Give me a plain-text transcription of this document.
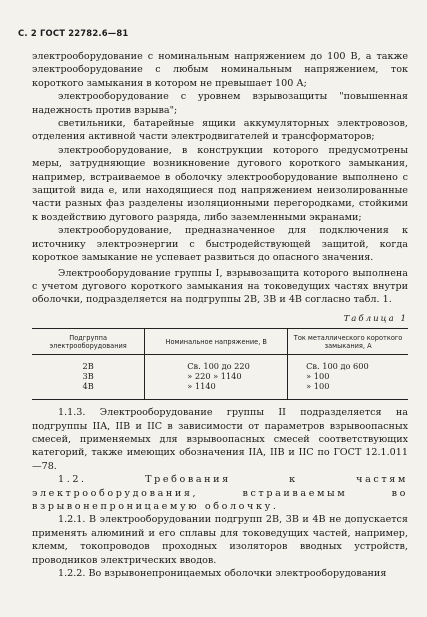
С. 2 ГОСТ 22782.6—81

электрооборудование с номинальным напряжением до 100 В, а также электрооборудование с любым номинальным напряжением, ток короткого замыкания в котором не превышает 100 А;

электрооборудование с уровнем взрывозащиты "повышенная надежность против взрыва";

светильники, батарейные ящики аккумуляторных электровозов, отделения активной части электродвигателей и трансформаторов;

электрооборудование, в конструкции которого предусмотрены меры, затрудняющие возникновение дугового короткого замыкания, например, встраиваемое в оболочку электрооборудование выполнено с защитой вида е, или находящиеся под напряжением неизолированные части разных фаз разделены изоляционными перегородками, стойкими к воздействию дугового разряда, либо заземленными экранами;

электрооборудование, предназначенное для подключения к источнику электроэнергии с быстродействующей защитой, когда короткое замыкание не успевает развиться до опасного значения.

Электрооборудование группы I, взрывозащита которого выполнена с учетом дугового короткого замыкания на токоведущих частях внутри оболочки, подразделяется на подгруппы 2В, 3В и 4В согласно табл. 1.

Таблица 1
Подгруппа электрооборудования	Номинальное напряжение, В	Ток металлического короткого замыкания, А
2В	Св. 100 до 220	Св. 100 до 600
3В	» 220 » 1140	» 100
4В	» 1140	» 100

1.1.3. Электрооборудование группы II подразделяется на подгруппы IIA, IIB и IIC в зависимости от параметров взрывоопасных смесей, применяемых для взрывоопасных смесей соответствующих категорий, также имеющих обозначения IIA, IIB и IIC по ГОСТ 12.1.011—78.

1.2. Требования к частям электрооборудования, встраиваемым во взрывонепроницаемую оболочку.

1.2.1. В электрооборудовании подгрупп 2В, 3В и 4В не допускается применять алюминий и его сплавы для токоведущих частей, например, клемм, токопроводов проходных изоляторов вводных устройств, проводников электрических вводов.

1.2.2. Во взрывонепроницаемых оболочки электрооборудования
